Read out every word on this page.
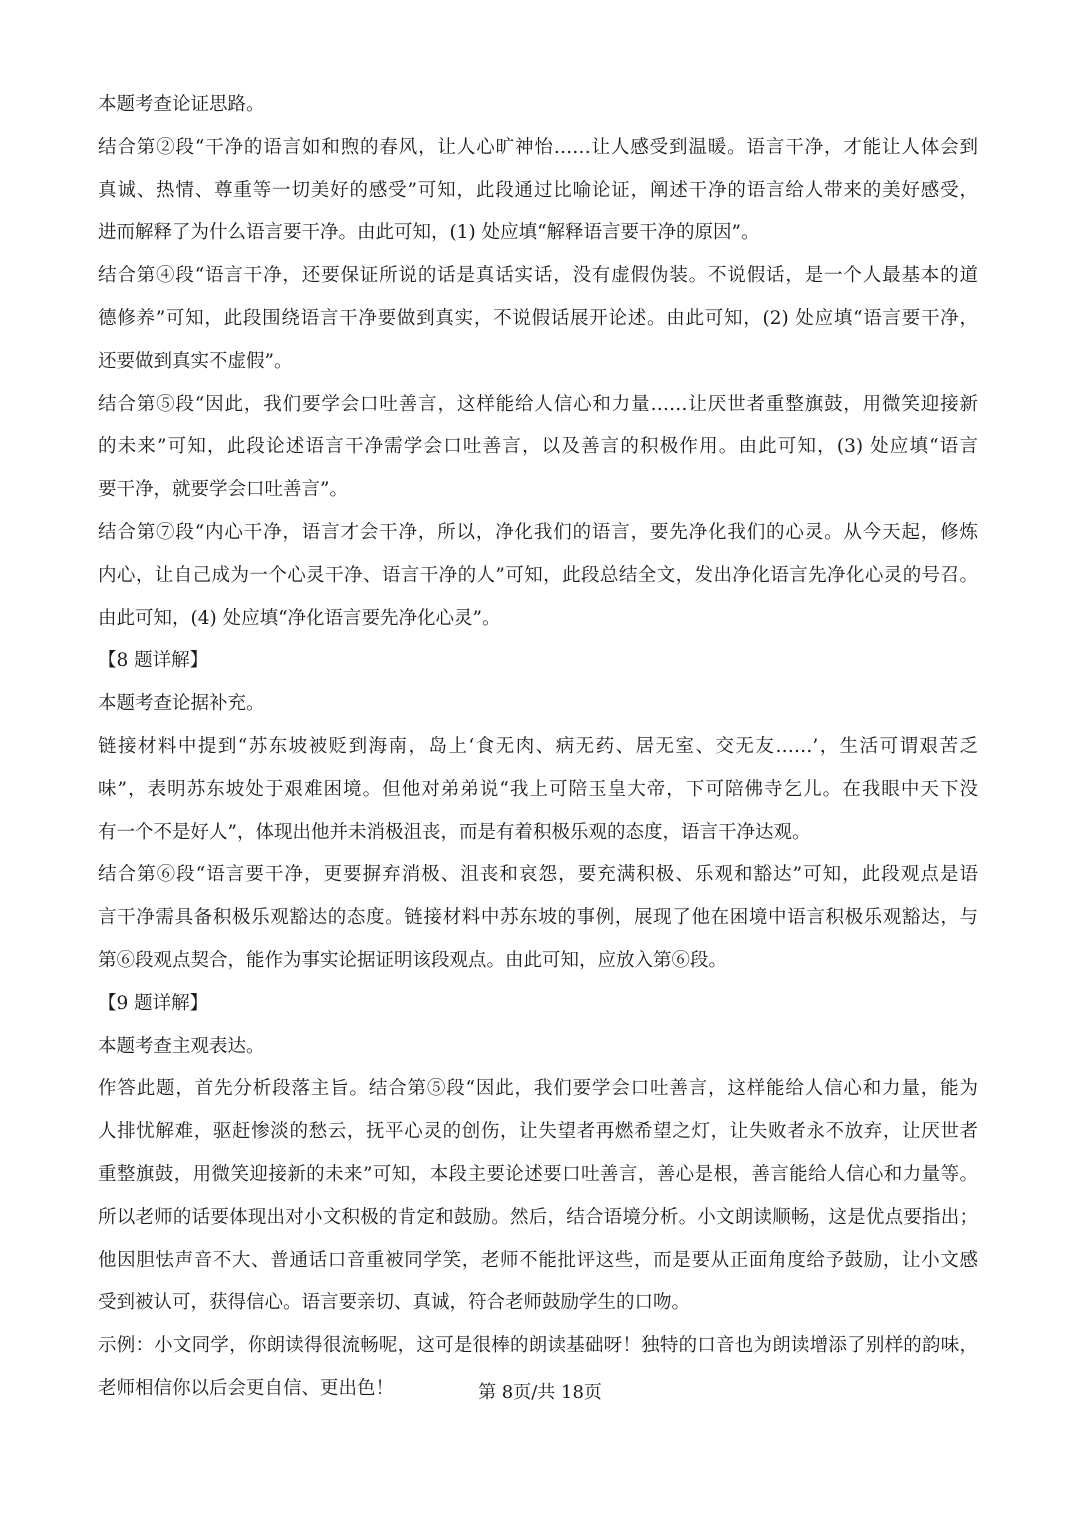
本题考查论证思路。
结合第②段“干净的语言如和煦的春风，让人心旷神怡……让人感受到温暖。语言干净，才能让人体会到
真诚、热情、尊重等一切美好的感受”可知，此段通过比喻论证，阐述干净的语言给人带来的美好感受，
进而解释了为什么语言要干净。由此可知，(1) 处应填“解释语言要干净的原因”。
结合第④段“语言干净，还要保证所说的话是真话实话，没有虚假伪装。不说假话，是一个人最基本的道
德修养”可知，此段围绕语言干净要做到真实，不说假话展开论述。由此可知，(2) 处应填“语言要干净，
还要做到真实不虚假”。
结合第⑤段“因此，我们要学会口吐善言，这样能给人信心和力量……让厌世者重整旗鼓，用微笑迎接新
的未来”可知，此段论述语言干净需学会口吐善言，以及善言的积极作用。由此可知，(3) 处应填“语言
要干净，就要学会口吐善言”。
结合第⑦段“内心干净，语言才会干净，所以，净化我们的语言，要先净化我们的心灵。从今天起，修炼
内心，让自己成为一个心灵干净、语言干净的人”可知，此段总结全文，发出净化语言先净化心灵的号召。
由此可知，(4) 处应填“净化语言要先净化心灵”。
【8 题详解】
本题考查论据补充。
链接材料中提到“苏东坡被贬到海南，岛上‘食无肉、病无药、居无室、交无友……’，生活可谓艰苦乏
味”，表明苏东坡处于艰难困境。但他对弟弟说“我上可陪玉皇大帝，下可陪佛寺乞儿。在我眼中天下没
有一个不是好人”，体现出他并未消极沮丧，而是有着积极乐观的态度，语言干净达观。
结合第⑥段“语言要干净，更要摒弃消极、沮丧和哀怨，要充满积极、乐观和豁达”可知，此段观点是语
言干净需具备积极乐观豁达的态度。链接材料中苏东坡的事例，展现了他在困境中语言积极乐观豁达，与
第⑥段观点契合，能作为事实论据证明该段观点。由此可知，应放入第⑥段。
【9 题详解】
本题考查主观表达。
作答此题，首先分析段落主旨。结合第⑤段“因此，我们要学会口吐善言，这样能给人信心和力量，能为
人排忧解难，驱赶惨淡的愁云，抚平心灵的创伤，让失望者再燃希望之灯，让失败者永不放弃，让厌世者
重整旗鼓，用微笑迎接新的未来”可知，本段主要论述要口吐善言，善心是根，善言能给人信心和力量等。
所以老师的话要体现出对小文积极的肯定和鼓励。然后，结合语境分析。小文朗读顺畅，这是优点要指出；
他因胆怯声音不大、普通话口音重被同学笑，老师不能批评这些，而是要从正面角度给予鼓励，让小文感
受到被认可，获得信心。语言要亲切、真诚，符合老师鼓励学生的口吻。
示例：小文同学，你朗读得很流畅呢，这可是很棒的朗读基础呀！独特的口音也为朗读增添了别样的韵味，
老师相信你以后会更自信、更出色！	第 8页/共 18页
